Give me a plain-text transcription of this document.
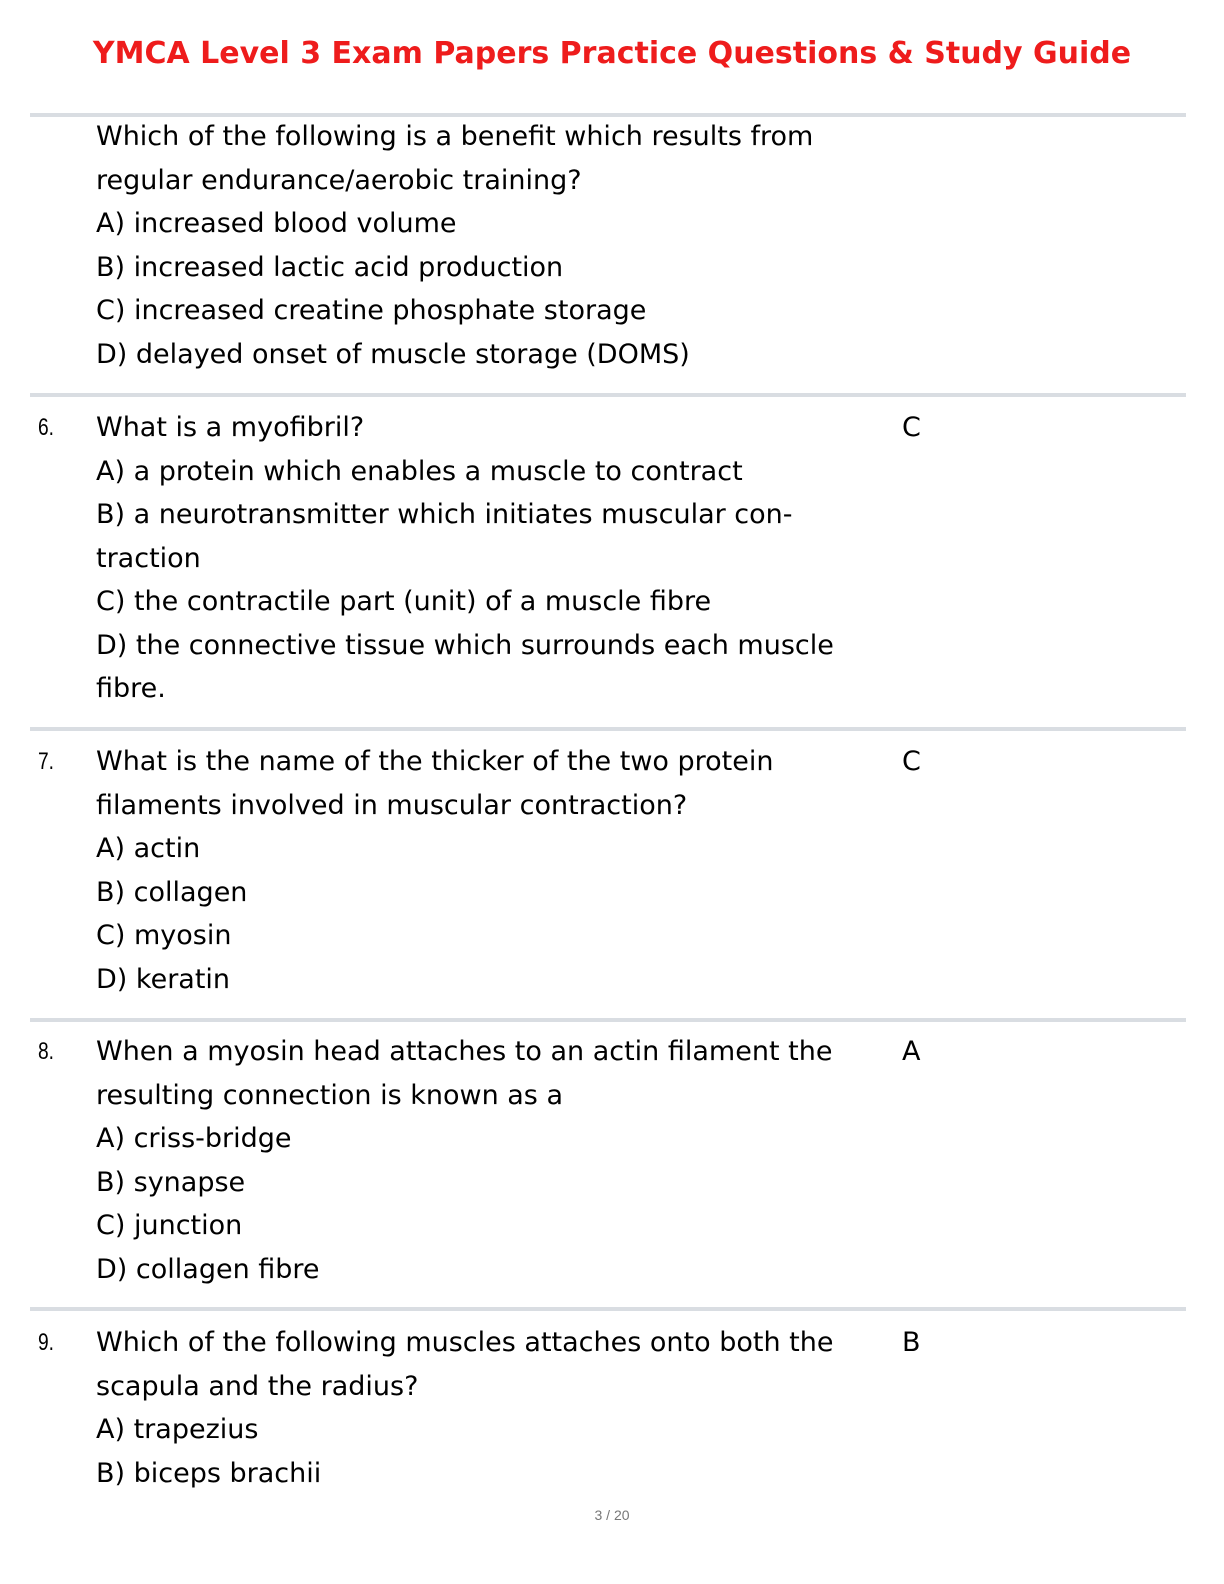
YMCA Level 3 Exam Papers Practice Questions & Study Guide
Which of the following is a benefit which results from
regular endurance/aerobic training?
A) increased blood volume
B) increased lactic acid production
C) increased creatine phosphate storage
D) delayed onset of muscle storage (DOMS)
6. What is a myofibril?
A) a protein which enables a muscle to contract
B) a neurotransmitter which initiates muscular con-
traction
C) the contractile part (unit) of a muscle fibre
D) the connective tissue which surrounds each muscle
fibre.
C
7. What is the name of the thicker of the two protein
filaments involved in muscular contraction?
A) actin
B) collagen
C) myosin
D) keratin
C
8. When a myosin head attaches to an actin filament the
resulting connection is known as a
A) criss-bridge
B) synapse
C) junction
D) collagen fibre
A
9. Which of the following muscles attaches onto both the
scapula and the radius?
A) trapezius
B) biceps brachii
B
3 / 20
